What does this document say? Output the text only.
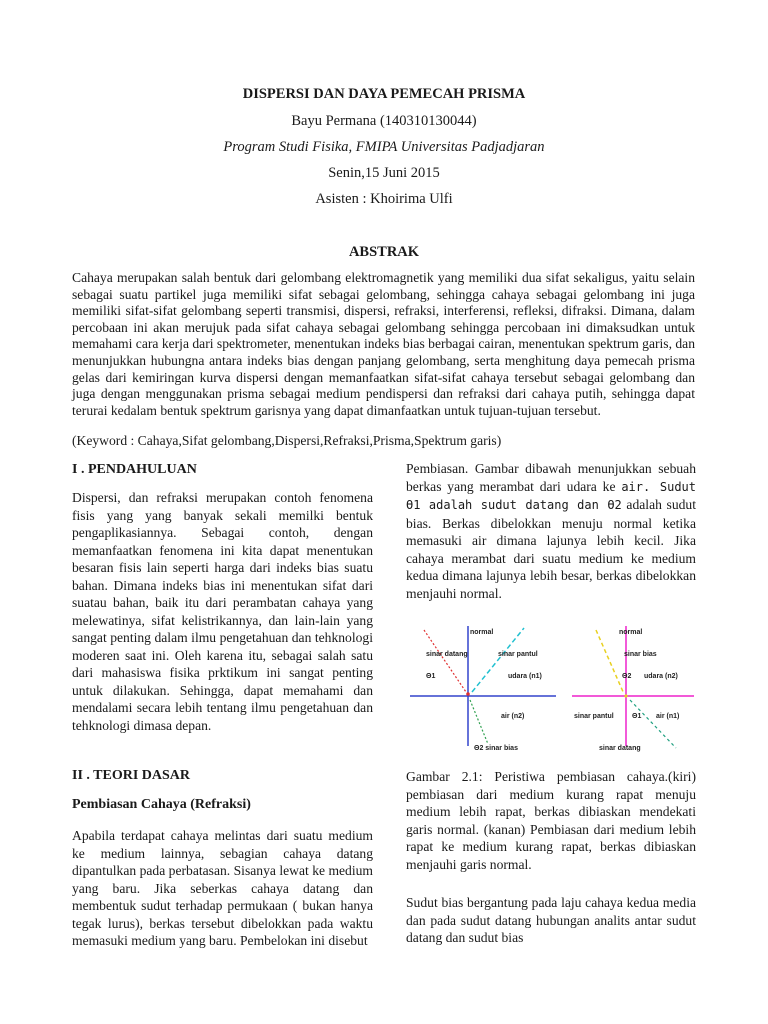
DISPERSI DAN DAYA PEMECAH PRISMA
Bayu Permana (140310130044)
Program Studi Fisika, FMIPA Universitas Padjadjaran
Senin,15 Juni 2015
Asisten : Khoirima Ulfi
ABSTRAK
Cahaya merupakan salah bentuk dari gelombang elektromagnetik yang memiliki dua sifat sekaligus, yaitu selain sebagai suatu partikel juga memiliki sifat sebagai gelombang, sehingga cahaya sebagai gelombang ini juga memiliki sifat-sifat gelombang seperti transmisi, dispersi, refraksi, interferensi, refleksi, difraksi. Dimana, dalam percobaan ini akan merujuk pada sifat cahaya sebagai gelombang sehingga percobaan ini dimaksudkan untuk memahami cara kerja dari spektrometer, menentukan indeks bias berbagai cairan, menentukan spektrum garis, dan menunjukkan hubungna antara indeks bias dengan panjang gelombang, serta menghitung daya pemecah prisma gelas dari kemiringan kurva dispersi dengan memanfaatkan sifat-sifat cahaya tersebut sebagai gelombang dan juga dengan menggunakan prisma sebagai medium pendispersi dan refraksi dari cahaya putih, sehingga dapat terurai kedalam bentuk spektrum garisnya yang dapat dimanfaatkan untuk tujuan-tujuan tersebut.
(Keyword : Cahaya,Sifat gelombang,Dispersi,Refraksi,Prisma,Spektrum garis)
I . PENDAHULUAN

Dispersi, dan refraksi merupakan contoh fenomena fisis yang yang banyak sekali memilki bentuk pengaplikasiannya. Sebagai contoh, dengan memanfaatkan fenomena ini kita dapat menentukan besaran fisis lain seperti harga dari indeks bias suatu bahan. Dimana indeks bias ini menentukan sifat dari suatau bahan, baik itu dari perambatan cahaya yang melewatinya, sifat kelistrikannya, dan lain-lain yang sangat penting dalam ilmu pengetahuan dan tehknologi moderen saat ini. Oleh karena itu, sebagai salah satu dari mahasiswa fisika prktikum ini sangat penting untuk dilakukan. Sehingga, dapat memahami dan mendalami secara lebih tentang ilmu pengetahuan dan tehknologi dimasa depan.

II . TEORI DASAR
Pembiasan Cahaya (Refraksi)

Apabila terdapat cahaya melintas dari suatu medium ke medium lainnya, sebagian cahaya datang dipantulkan pada perbatasan. Sisanya lewat ke medium yang baru. Jika seberkas cahaya datang dan membentuk sudut terhadap permukaan ( bukan hanya tegak lurus), berkas tersebut dibelokkan pada waktu memasuki medium yang baru. Pembelokan ini disebut

Pembiasan. Gambar dibawah menunjukkan sebuah berkas yang merambat dari udara ke air. Sudut ϴ1 adalah sudut datang dan ϴ2 adalah sudut bias. Berkas dibelokkan menuju normal ketika memasuki air dimana lajunya lebih kecil. Jika cahaya merambat dari suatu medium ke medium kedua dimana lajunya lebih besar, berkas dibelokkan menjauhi normal.

normal
sinar datang	sinar pantul
Θ1	udara (n1)
air (n2)
Θ2 sinar bias
normal
sinar bias
Θ2 udara (n2)
sinar pantul	Θ1 air (n1)
sinar datang

Gambar 2.1: Peristiwa pembiasan cahaya.(kiri) pembiasan dari medium kurang rapat menuju medium lebih rapat, berkas dibiaskan mendekati garis normal. (kanan) Pembiasan dari medium lebih rapat ke medium kurang rapat, berkas dibiaskan menjauhi garis normal.

Sudut bias bergantung pada laju cahaya kedua media dan pada sudut datang hubungan analits antar sudut datang dan sudut bias
